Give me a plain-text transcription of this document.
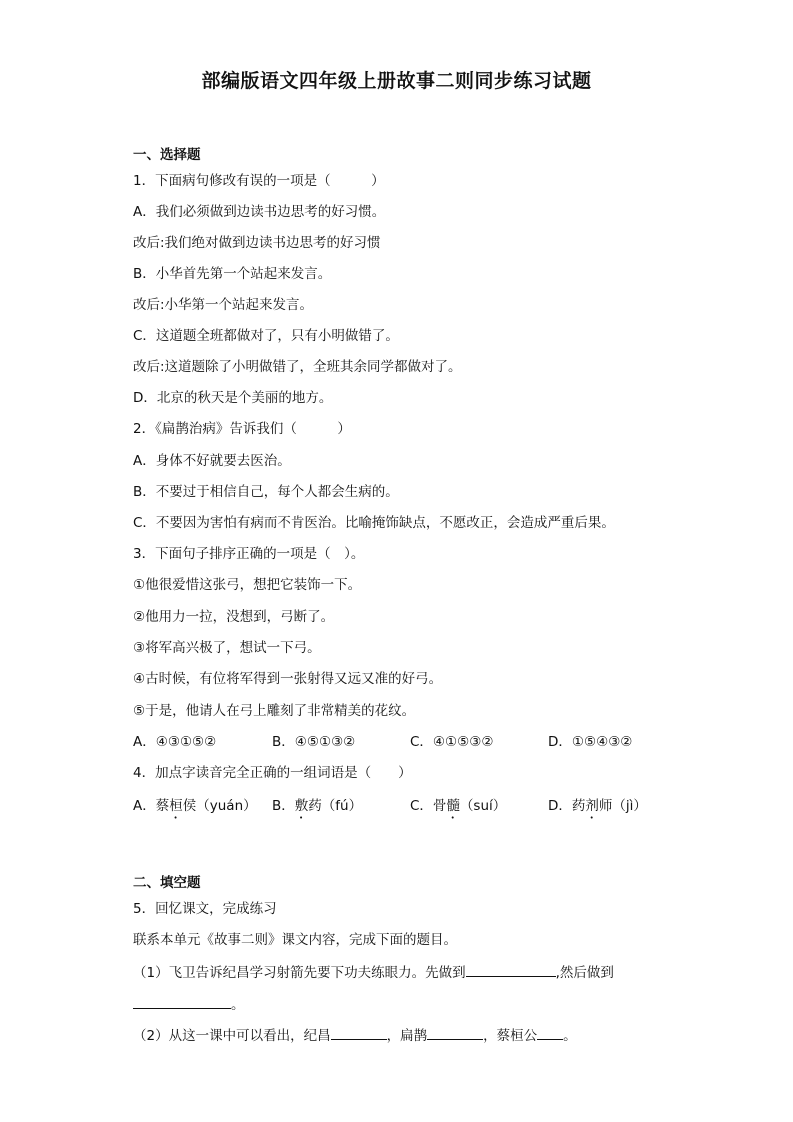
部编版语文四年级上册故事二则同步练习试题
一、选择题
1．下面病句修改有误的一项是（　　　）
A．我们必须做到边读书边思考的好习惯。
改后:我们绝对做到边读书边思考的好习惯
B．小华首先第一个站起来发言。
改后:小华第一个站起来发言。
C．这道题全班都做对了，只有小明做错了。
改后:这道题除了小明做错了，全班其余同学都做对了。
D．北京的秋天是个美丽的地方。
2．《扁鹊治病》告诉我们（　　　）
A．身体不好就要去医治。
B．不要过于相信自己，每个人都会生病的。
C．不要因为害怕有病而不肯医治。比喻掩饰缺点，不愿改正，会造成严重后果。
3．下面句子排序正确的一项是（　）。
①他很爱惜这张弓，想把它装饰一下。
②他用力一拉，没想到，弓断了。
③将军高兴极了，想试一下弓。
④古时候，有位将军得到一张射得又远又准的好弓。
⑤于是，他请人在弓上雕刻了非常精美的花纹。
A．④③①⑤②	B．④⑤①③②	C．④①⑤③②	D．①⑤④③②
4．加点字读音完全正确的一组词语是（　　）
A．蔡桓侯（yuán） B．敷药（fú）	C．骨髓（suí）	D．药剂师（jì）
二、填空题
5．回忆课文，完成练习
联系本单元《故事二则》课文内容，完成下面的题目。
（1）飞卫告诉纪昌学习射箭先要下功夫练眼力。先做到	,然后做到
。
（2）从这一课中可以看出，纪昌	，扁鹊	，蔡桓公 。
